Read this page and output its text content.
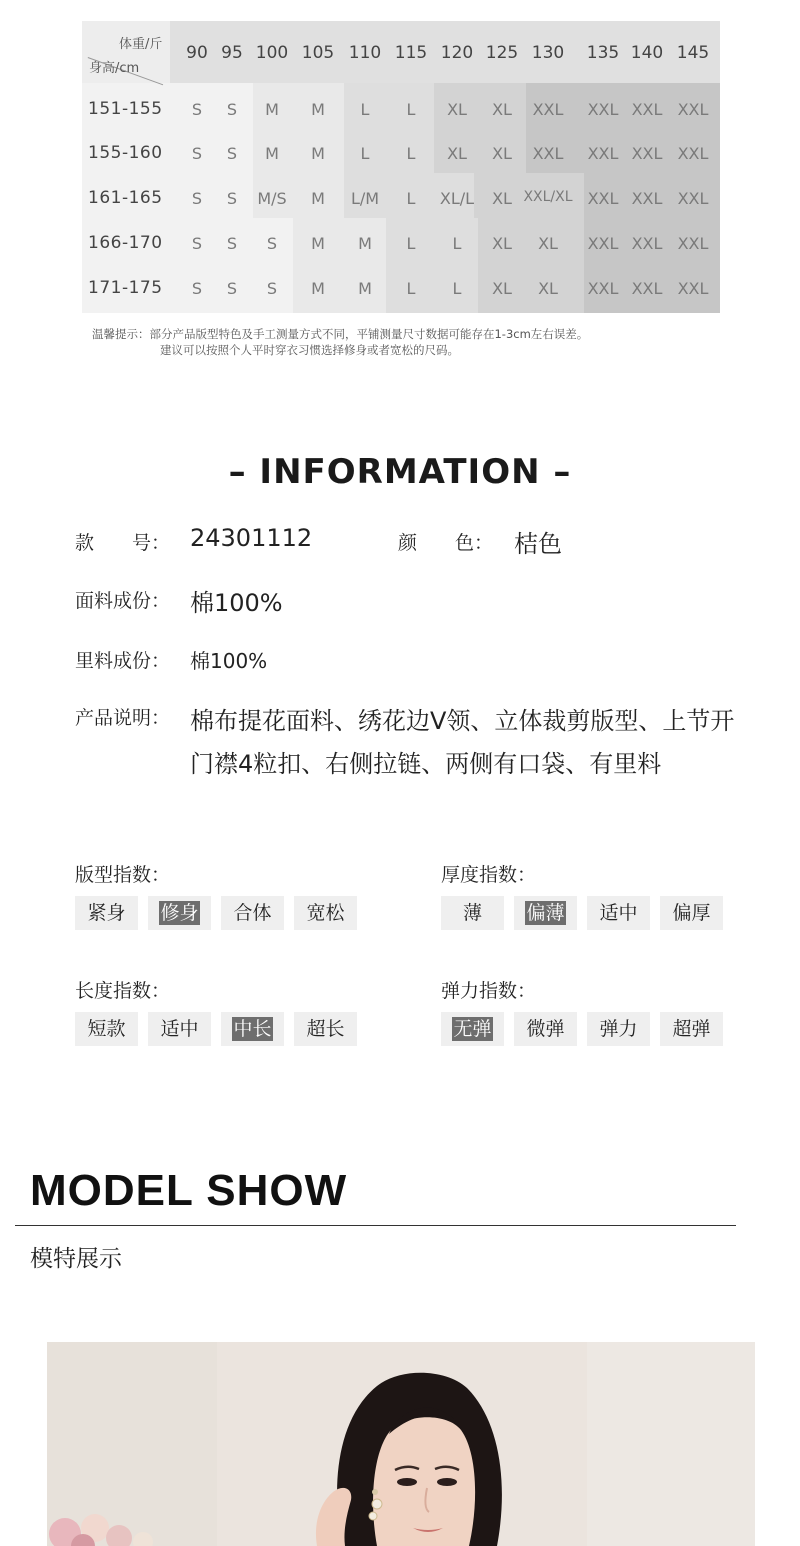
体重/斤
身高/cm
90 95 100 105 110 115 120 125 130 135 140 145
151-155	S	S	M	M	L	L	XL	XL	XXL	XXL XXL XXL
155-160	S	S	M	M	L	L	XL	XL	XXL	XXL XXL XXL
161-165	S	S	M/S	M	L/M	L	XL/L	XL XXL/XL XXL XXL XXL
166-170	S	S	S	M	M	L	L	XL	XL	XXL XXL XXL
171-175	S	S	S	M	M	L	L	XL	XL	XXL XXL XXL
温馨提示：部分产品版型特色及手工测量方式不同，平铺测量尺寸数据可能存在1-3cm左右误差。
建议可以按照个人平时穿衣习惯选择修身或者宽松的尺码。
– INFORMATION –
款　　号： 24301112	颜　　色： 桔色
面料成份： 棉100%
里料成份： 棉100%
产品说明： 棉布提花面料、绣花边V领、立体裁剪版型、上节开门襟4粒扣、右侧拉链、两侧有口袋、有里料
版型指数：
紧身	修身	合体	宽松
厚度指数：
薄	偏薄	适中	偏厚
长度指数：
短款	适中	中长	超长
弹力指数：
无弹	微弹	弹力	超弹
MODEL SHOW
模特展示
